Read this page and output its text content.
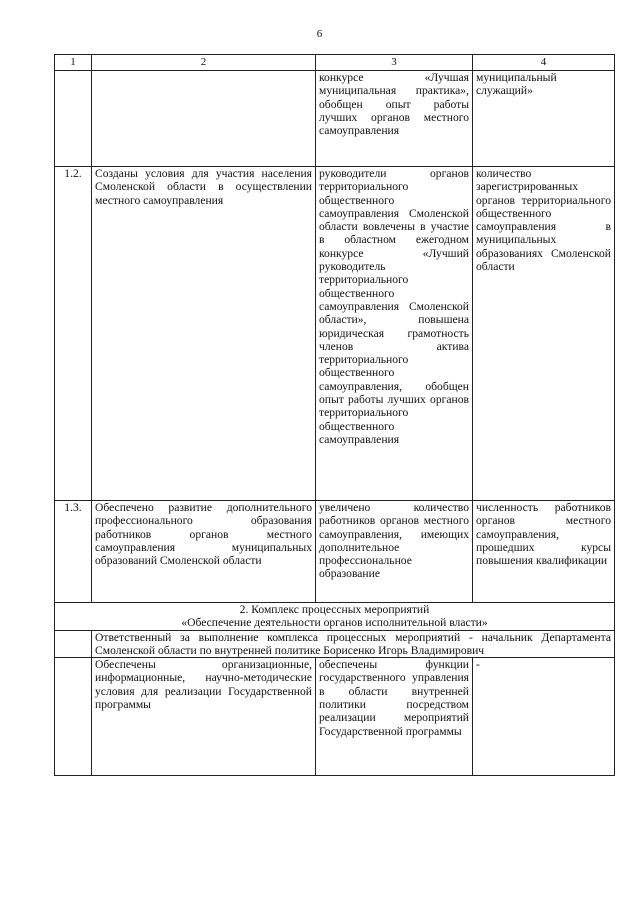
6
1	2	3	4
		конкурсе «Лучшая муниципальная практика», обобщен опыт работы лучших органов местного самоуправления	муниципальный служащий»
1.2.	Созданы условия для участия населения Смоленской области в осуществлении местного самоуправления	руководители органов территориального общественного самоуправления Смоленской области вовлечены в участие в областном ежегодном конкурсе «Лучший руководитель территориального общественного самоуправления Смоленской области», повышена юридическая грамотность членов актива территориального общественного самоуправления, обобщен опыт работы лучших органов территориального общественного самоуправления	количество зарегистрированных органов территориального общественного самоуправления в муниципальных образованиях Смоленской области
1.3.	Обеспечено развитие дополнительного профессионального образования работников органов местного самоуправления муниципальных образований Смоленской области	увеличено количество работников органов местного самоуправления, имеющих дополнительное профессиональное образование	численность работников органов местного самоуправления, прошедших курсы повышения квалификации

2. Комплекс процессных мероприятий
«Обеспечение деятельности органов исполнительной власти»			

	Ответственный за выполнение комплекса процессных мероприятий - начальник Департамента Смоленской области по внутренней политике Борисенко Игорь Владимирович		
	Обеспечены организационные, информационные, научно-методические условия для реализации Государственной программы	обеспечены функции государственного управления в области внутренней политики посредством реализации мероприятий Государственной программы	-
